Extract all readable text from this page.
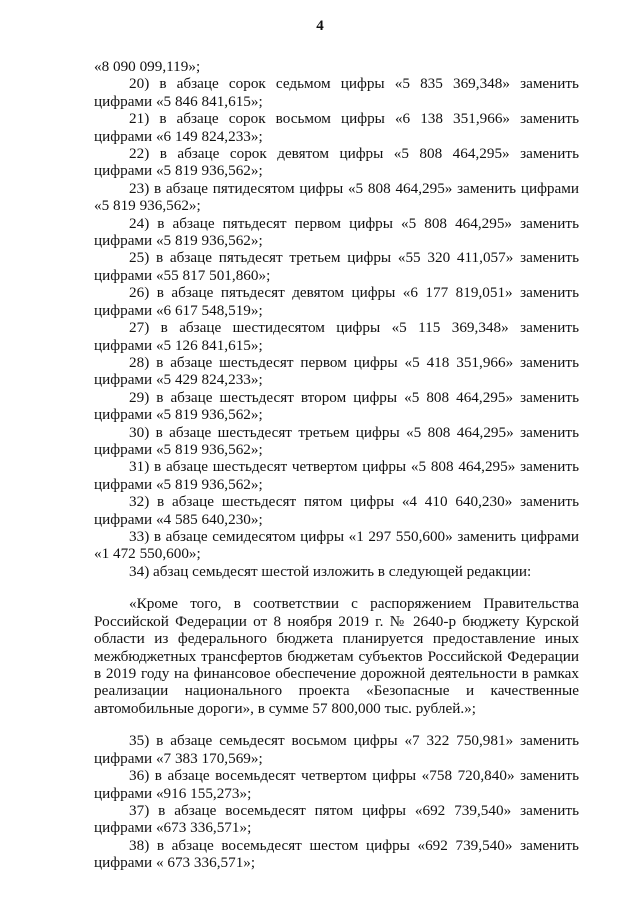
4

«8 090 099,119»;

20) в абзаце сорок седьмом цифры «5 835 369,348» заменить цифрами «5 846 841,615»;

21) в абзаце сорок восьмом цифры «6 138 351,966» заменить цифрами «6 149 824,233»;

22) в абзаце сорок девятом цифры «5 808 464,295» заменить цифрами «5 819 936,562»;

23) в абзаце пятидесятом цифры «5 808 464,295» заменить цифрами «5 819 936,562»;

24) в абзаце пятьдесят первом цифры «5 808 464,295» заменить цифрами «5 819 936,562»;

25) в абзаце пятьдесят третьем цифры «55 320 411,057» заменить цифрами «55 817 501,860»;

26) в абзаце пятьдесят девятом цифры «6 177 819,051» заменить цифрами «6 617 548,519»;

27) в абзаце шестидесятом цифры «5 115 369,348» заменить цифрами «5 126 841,615»;

28) в абзаце шестьдесят первом цифры «5 418 351,966» заменить цифрами «5 429 824,233»;

29) в абзаце шестьдесят втором цифры «5 808 464,295» заменить цифрами «5 819 936,562»;

30) в абзаце шестьдесят третьем цифры «5 808 464,295» заменить цифрами «5 819 936,562»;

31) в абзаце шестьдесят четвертом цифры «5 808 464,295» заменить цифрами «5 819 936,562»;

32) в абзаце шестьдесят пятом цифры «4 410 640,230» заменить цифрами «4 585 640,230»;

33) в абзаце семидесятом цифры «1 297 550,600» заменить цифрами «1 472 550,600»;

34) абзац семьдесят шестой изложить в следующей редакции:

«Кроме того, в соответствии с распоряжением Правительства Российской Федерации от 8 ноября 2019 г. № 2640-р бюджету Курской области из федерального бюджета планируется предоставление иных межбюджетных трансфертов бюджетам субъектов Российской Федерации в 2019 году на финансовое обеспечение дорожной деятельности в рамках реализации национального проекта «Безопасные и качественные автомобильные дороги», в сумме 57 800,000 тыс. рублей.»;

35) в абзаце семьдесят восьмом цифры «7 322 750,981» заменить цифрами «7 383 170,569»;

36) в абзаце восемьдесят четвертом цифры «758 720,840» заменить цифрами «916 155,273»;

37) в абзаце восемьдесят пятом цифры «692 739,540» заменить цифрами «673 336,571»;

38) в абзаце восемьдесят шестом цифры «692 739,540» заменить цифрами « 673 336,571»;
